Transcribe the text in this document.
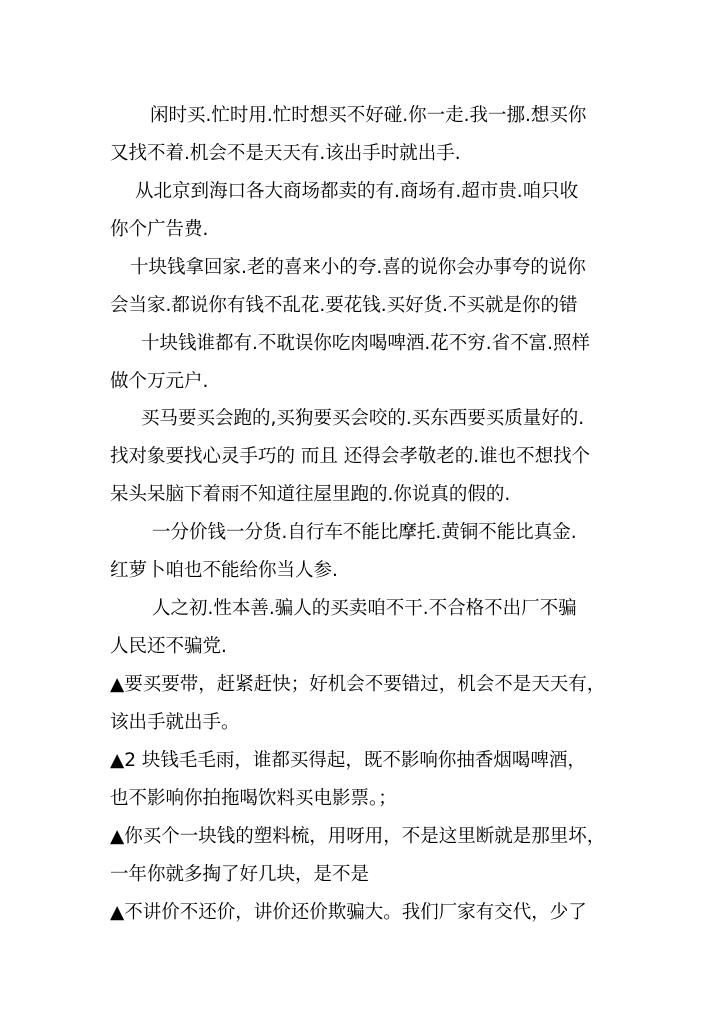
闲时买.忙时用.忙时想买不好碰.你一走.我一挪.想买你
又找不着.机会不是天天有.该出手时就出手.
从北京到海口各大商场都卖的有.商场有.超市贵.咱只收
你个广告费.
十块钱拿回家.老的喜来小的夸.喜的说你会办事夸的说你
会当家.都说你有钱不乱花.要花钱.买好货.不买就是你的错
十块钱谁都有.不耽误你吃肉喝啤酒.花不穷.省不富.照样
做个万元户.
买马要买会跑的,买狗要买会咬的.买东西要买质量好的.
找对象要找心灵手巧的 而且 还得会孝敬老的.谁也不想找个
呆头呆脑下着雨不知道往屋里跑的.你说真的假的.
一分价钱一分货.自行车不能比摩托.黄铜不能比真金.
红萝卜咱也不能给你当人参.
人之初.性本善.骗人的买卖咱不干.不合格不出厂不骗
人民还不骗党.
▲要买要带，赶紧赶快；好机会不要错过，机会不是天天有，
该出手就出手。
▲2 块钱毛毛雨，谁都买得起，既不影响你抽香烟喝啤酒，
也不影响你拍拖喝饮料买电影票。；
▲你买个一块钱的塑料梳，用呀用，不是这里断就是那里坏，
一年你就多掏了好几块，是不是
▲不讲价不还价，讲价还价欺骗大。我们厂家有交代，少了
